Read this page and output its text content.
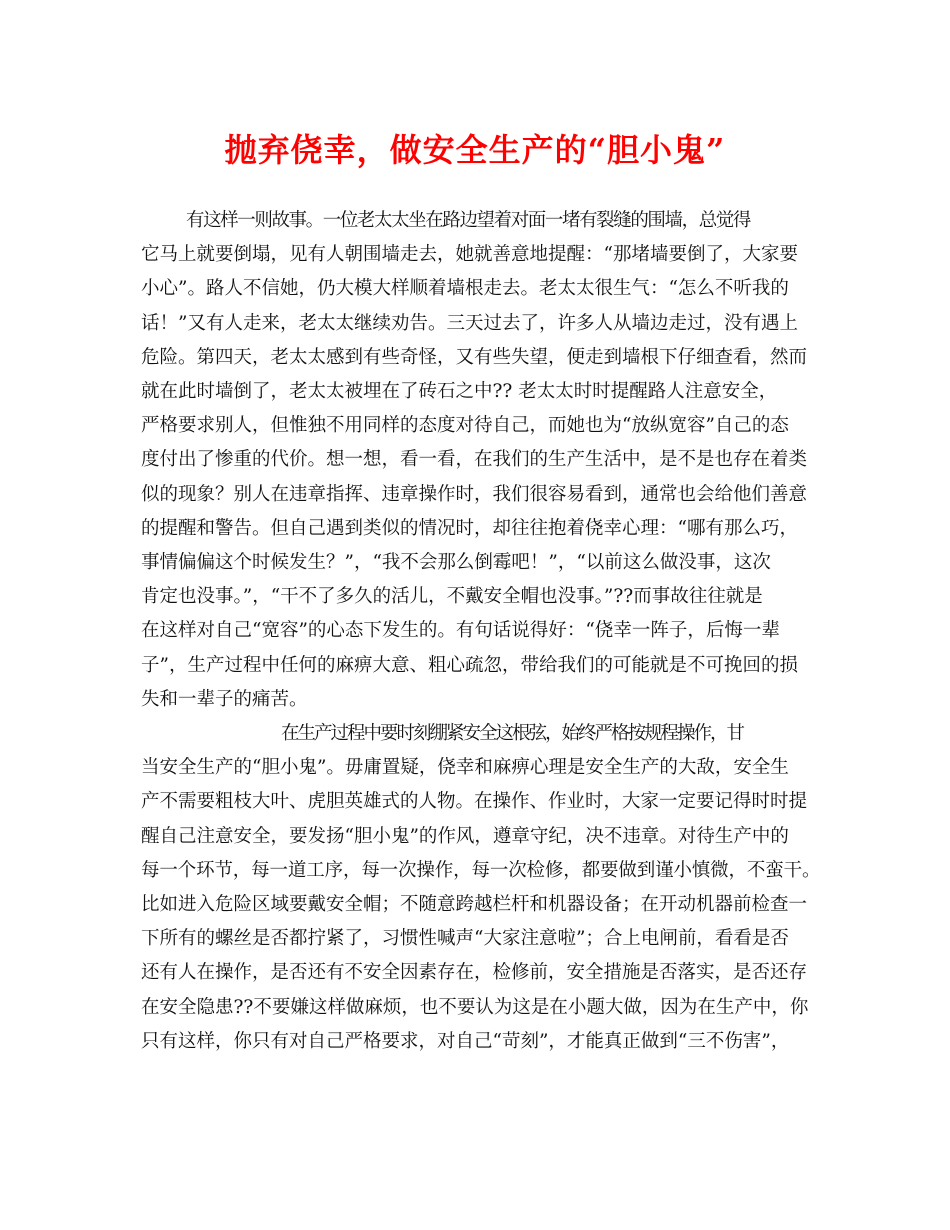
抛弃侥幸，做安全生产的“胆小鬼”
有这样一则故事。一位老太太坐在路边望着对面一堵有裂缝的围墙，总觉得
它马上就要倒塌，见有人朝围墙走去，她就善意地提醒：“那堵墙要倒了，大家要
小心”。路人不信她，仍大模大样顺着墙根走去。老太太很生气：“怎么不听我的
话！”又有人走来，老太太继续劝告。三天过去了，许多人从墙边走过，没有遇上
危险。第四天，老太太感到有些奇怪，又有些失望，便走到墙根下仔细查看，然而
就在此时墙倒了，老太太被埋在了砖石之中?? 老太太时时提醒路人注意安全，
严格要求别人，但惟独不用同样的态度对待自己，而她也为“放纵宽容”自己的态
度付出了惨重的代价。想一想，看一看，在我们的生产生活中，是不是也存在着类
似的现象？别人在违章指挥、违章操作时，我们很容易看到，通常也会给他们善意
的提醒和警告。但自己遇到类似的情况时，却往往抱着侥幸心理：“哪有那么巧，
事情偏偏这个时候发生？”，“我不会那么倒霉吧！”，“以前这么做没事，这次
肯定也没事。”，“干不了多久的活儿，不戴安全帽也没事。”??而事故往往就是
在这样对自己“宽容”的心态下发生的。有句话说得好：“侥幸一阵子，后悔一辈
子”，生产过程中任何的麻痹大意、粗心疏忽，带给我们的可能就是不可挽回的损
失和一辈子的痛苦。
在生产过程中要时刻绷紧安全这根弦，始终严格按规程操作，甘
当安全生产的“胆小鬼”。毋庸置疑，侥幸和麻痹心理是安全生产的大敌，安全生
产不需要粗枝大叶、虎胆英雄式的人物。在操作、作业时，大家一定要记得时时提
醒自己注意安全，要发扬“胆小鬼”的作风，遵章守纪，决不违章。对待生产中的
每一个环节，每一道工序，每一次操作，每一次检修，都要做到谨小慎微，不蛮干。
比如进入危险区域要戴安全帽；不随意跨越栏杆和机器设备；在开动机器前检查一
下所有的螺丝是否都拧紧了，习惯性喊声“大家注意啦”；合上电闸前，看看是否
还有人在操作，是否还有不安全因素存在，检修前，安全措施是否落实，是否还存
在安全隐患??不要嫌这样做麻烦，也不要认为这是在小题大做，因为在生产中，你
只有这样，你只有对自己严格要求，对自己“苛刻”，才能真正做到“三不伤害”，
